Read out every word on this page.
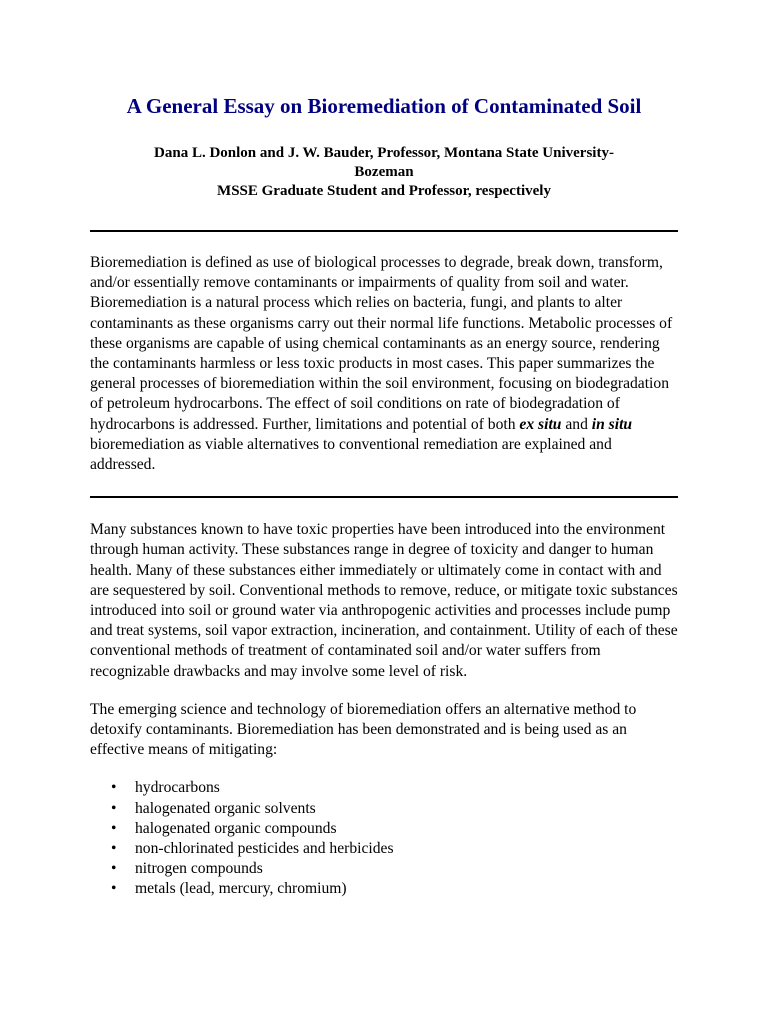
A General Essay on Bioremediation of Contaminated Soil
Dana L. Donlon and J. W. Bauder, Professor, Montana State University-
Bozeman
MSSE Graduate Student and Professor, respectively

Bioremediation is defined as use of biological processes to degrade, break down, transform, and/or essentially remove contaminants or impairments of quality from soil and water. Bioremediation is a natural process which relies on bacteria, fungi, and plants to alter contaminants as these organisms carry out their normal life functions. Metabolic processes of these organisms are capable of using chemical contaminants as an energy source, rendering the contaminants harmless or less toxic products in most cases. This paper summarizes the general processes of bioremediation within the soil environment, focusing on biodegradation of petroleum hydrocarbons. The effect of soil conditions on rate of biodegradation of hydrocarbons is addressed. Further, limitations and potential of both ex situ and in situ bioremediation as viable alternatives to conventional remediation are explained and addressed.

Many substances known to have toxic properties have been introduced into the environment through human activity. These substances range in degree of toxicity and danger to human health. Many of these substances either immediately or ultimately come in contact with and are sequestered by soil. Conventional methods to remove, reduce, or mitigate toxic substances introduced into soil or ground water via anthropogenic activities and processes include pump and treat systems, soil vapor extraction, incineration, and containment. Utility of each of these conventional methods of treatment of contaminated soil and/or water suffers from recognizable drawbacks and may involve some level of risk.

The emerging science and technology of bioremediation offers an alternative method to detoxify contaminants. Bioremediation has been demonstrated and is being used as an effective means of mitigating:

• hydrocarbons
• halogenated organic solvents
• halogenated organic compounds
• non-chlorinated pesticides and herbicides
• nitrogen compounds
• metals (lead, mercury, chromium)
